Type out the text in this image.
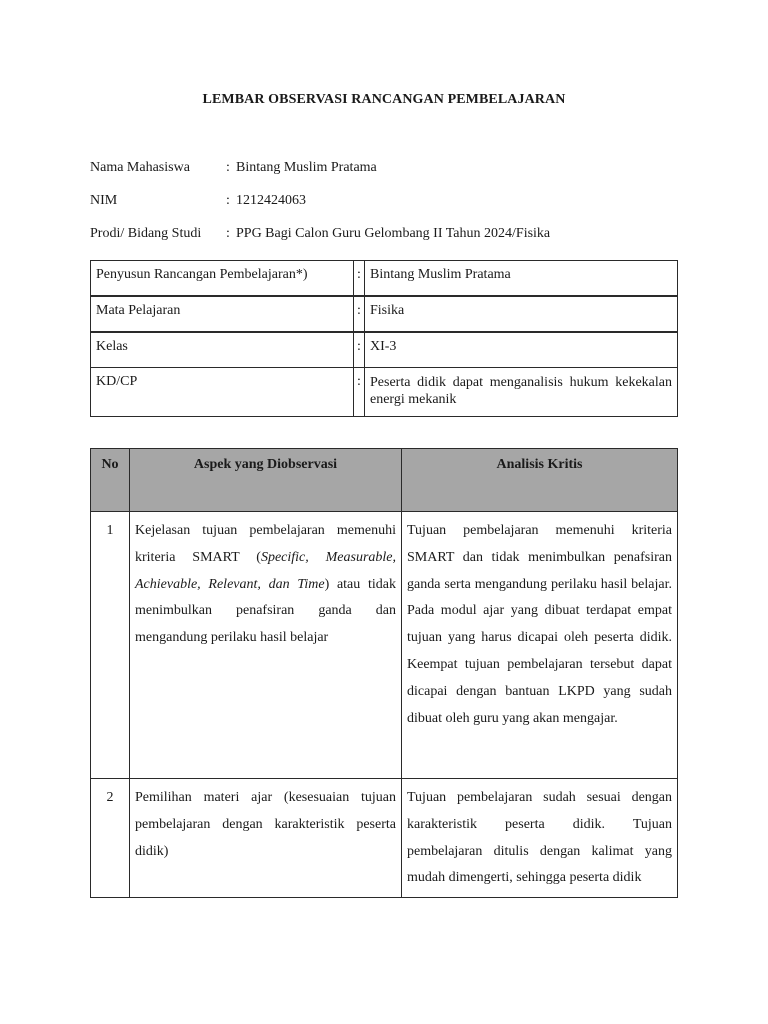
LEMBAR OBSERVASI RANCANGAN PEMBELAJARAN
Nama Mahasiswa	: Bintang Muslim Pratama
NIM	: 1212424063
Prodi/ Bidang Studi : PPG Bagi Calon Guru Gelombang II Tahun 2024/Fisika
Penyusun Rancangan Pembelajaran*)	:	Bintang Muslim Pratama
Mata Pelajaran	:	Fisika
Kelas	:	XI-3
KD/CP	:	Peserta didik dapat menganalisis hukum kekekalan energi mekanik
No	Aspek yang Diobservasi	Analisis Kritis
1	Kejelasan tujuan pembelajaran memenuhi kriteria SMART (Specific, Measurable, Achievable, Relevant, dan Time) atau tidak menimbulkan penafsiran ganda dan mengandung perilaku hasil belajar	Tujuan pembelajaran memenuhi kriteria SMART dan tidak menimbulkan penafsiran ganda serta mengandung perilaku hasil belajar. Pada modul ajar yang dibuat terdapat empat tujuan yang harus dicapai oleh peserta didik. Keempat tujuan pembelajaran tersebut dapat dicapai dengan bantuan LKPD yang sudah dibuat oleh guru yang akan mengajar.
2	Pemilihan materi ajar (kesesuaian tujuan pembelajaran dengan karakteristik peserta didik)	Tujuan pembelajaran sudah sesuai dengan karakteristik peserta didik. Tujuan pembelajaran ditulis dengan kalimat yang mudah dimengerti, sehingga peserta didik
